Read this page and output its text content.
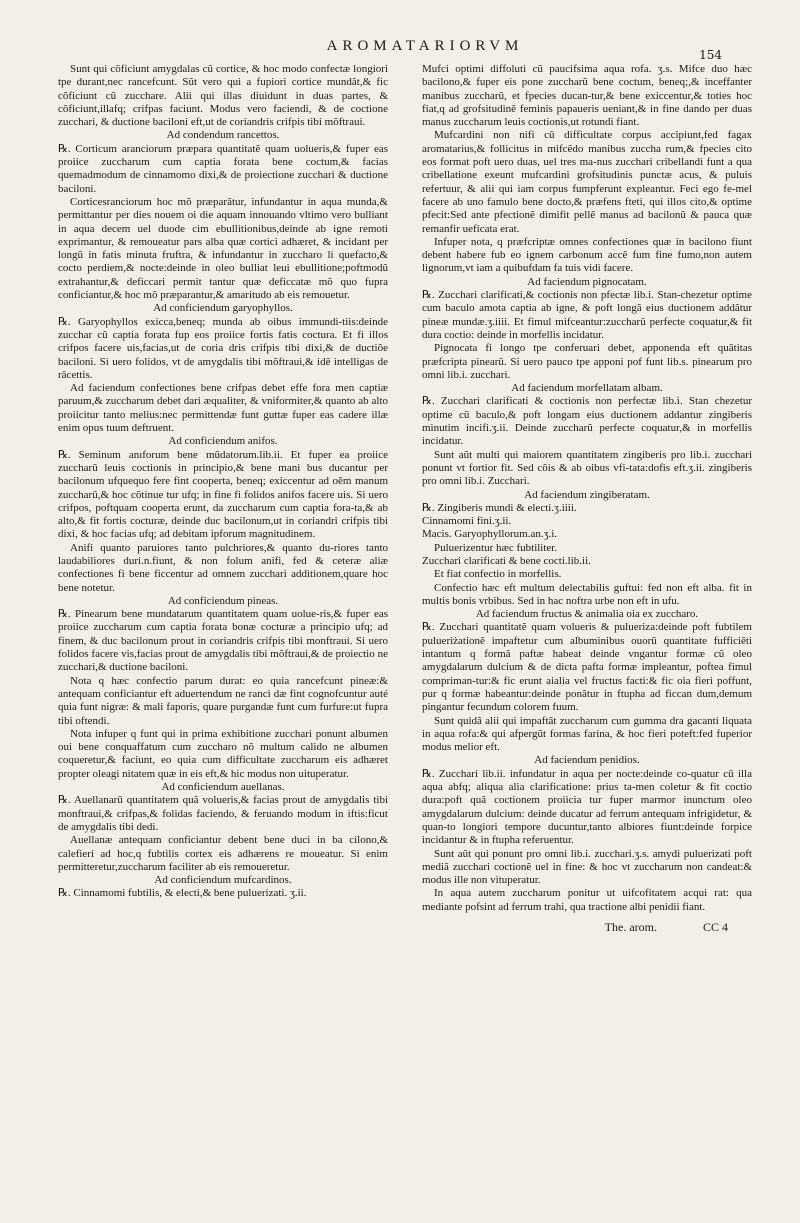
AROMATARIORVM
154

Sunt qui cõficiunt amygdalas cũ cortice, & hoc modo confectæ longiori tpe durant,nec rancefcunt. Sũt vero qui a fupiori cortice mundãt,& fic cõficiunt cũ zucchare. Alii qui illas diuidunt in duas partes, & cõficiunt,illafq; crifpas faciunt. Modus vero faciendi, & de coctione zucchari, & ductione baciloni eft,ut de coriandris crifpis tibi mõftraui.

Ad condendum rancettos.

℞. Corticum aranciorum præpara quantitatẽ quam uolueris,& fuper eas proiice zuccharum cum captia forata bene coctum,& facias quemadmodum de cinnamomo dixi,& de proiectione zucchari & ductione baciloni.

Corticesranciorum hoc mõ præparãtur, infundantur in aqua munda,& permittantur per dies nouem oi die aquam innouando vltimo vero bulliant in aqua decem uel duode cim ebullitionibus,deinde ab igne remoti exprimantur, & remoueatur pars alba quæ cortici adhæret, & incidant per longũ in fatis minuta fruftra, & infundantur in zuccharo li quefacto,& cocto perdiem,& nocte:deinde in oleo bulliat leui ebullitione;poftmodũ extrahantur,& deficcari permit tantur quæ deficcatæ mõ quo fupra conficiantur,& hoc mõ præparantur,& amaritudo ab eis remouetur.

Ad conficiendum garyophyllos.

℞. Garyophyllos exicca,beneq; munda ab oibus immundi-tiis:deinde zucchar cũ captia forata fup eos proiice fortis fatis coctura. Et fi illos crifpos facere uis,facias,ut de coria dris crifpis tibi dixi,& de ductiõe baciloni. Si uero folidos, vt de amygdalis tibi mõftraui,& idẽ intelligas de răcettis.

Ad faciendum confectiones bene crifpas debet effe fora men captiæ paruum,& zuccharum debet dari æqualiter, & vniformiter,& quanto ab alto proiicitur tanto melius:nec permittendæ funt guttæ fuper eas cadere illæ enim opus tuum deftruent.

Ad conficiendum anifos.

℞. Seminum anıforum bene mũdatorum.lib.ii. Et fuper ea proiice zuccharũ leuis coctionis in principio,& bene mani bus ducantur per bacilonum ufquequo fere fint cooperta, beneq; exiccentur ad oẽm manum zuccharũ,& hoc cõtinue tur ufq; in fine fi folidos anifos facere uis. Si uero crifpos, poftquam cooperta erunt, da zuccharum cum captia fora-ta,& ab alto,& fit fortis cocturæ, deinde duc bacilonum,ut in coriandri crifpis tibi dixi, & hoc facias ufq; ad debitam ipforum magnitudinem.

Anifi quanto paruiores tanto pulchriores,& quanto du-riores tanto laudabiliores duri.n.fiunt, & non folum anifi, fed & ceteræ aliæ confectiones fi bene ficcentur ad omnem zucchari additionem,quare hoc bene notetur.

Ad conficiendum pineas.

℞. Pinearum bene mundatarum quantitatem quam uolue-ris,& fuper eas proiice zuccharum cum captia forata bonæ cocturæ a principio ufq; ad finem, & duc bacilonum prout in coriandris crifpis tibi monftraui. Si uero folidos facere vis,facias prout de amygdalis tibi mõftraui,& de proiectio ne zucchari,& ductione baciloni.

Nota q hæc confectio parum durat: eo quia rancefcunt pineæ:& antequam conficiantur eft aduertendum ne ranci dæ fint cognofcuntur auté quia funt nigræ: & mali faporis, quare purgandæ funt cum furfure:ut fupra tibi oftendi.

Nota infuper q funt qui in prima exhibitione zucchari ponunt albumen oui bene conquaffatum cum zuccharo nõ multum calido ne albumen coqueretur,& faciunt, eo quia cum difficultate zuccharum eis adhæret propter oleagi nitatem quæ in eis eft,& hic modus non uituperatur.

Ad conficiendum auellanas.

℞. Auellanarũ quantitatem quã volueris,& facias prout de amygdalis tibi monftraui,& crifpas,& folidas faciendo, & feruando modum in iftis:ficut de amygdalis tibi dedi.

Auellanæ antequam conficiantur debent bene duci in ba cilono,& calefieri ad hoc,q fubtilis cortex eis adhærens re moueatur. Si enim permitteretur,zuccharum faciliter ab eis remoueretur.

Ad conficiendum mufcardinos.

℞. Cinnamomi fubtilis, & electi,& bene puluerizati. ʒ.ii.

Mufci optimi diffoluti cũ paucifsima aqua rofa. ʒ.s. Mifce duo hæc bacilono,& fuper eis pone zuccharũ bene coctum, beneq;,& inceffanter manibus zuccharũ, et fpecies ducan-tur,& bene exiccentur,& toties hoc fiat,q ad grofsitudinẽ feminis papaueris ueniant,& in fine dando per duas manus zuccharum leuis coctionis,ut rotundi fiant.

Mufcardini non nifi cũ difficultate corpus accipiunt,fed fagax aromatarius,& follicitus in mifcẽdo manibus zuccha rum,& fpecies cito eos format poft uero duas, uel tres ma-nus zucchari cribellandi funt a qua cribellatione exeunt mufcardini grofsitudinis punctæ acus, & puluis refertuur, & alii qui iam corpus fumpferunt expleantur. Feci ego fe-mel facere ab uno famulo bene docto,& præfens fteti, qui illos cito,& optime pfecit:Sed ante pfectionẽ dimifit pellẽ manus ad bacilonũ & pauca quæ remanfir ueficata erat.

Infuper nota, q præfcriptæ omnes confectiones quæ in bacilono fiunt debent habere fub eo ignem carbonum accẽ fum fine fumo,non autem lignorum,vt iam a quibufdam fa tuis vidi facere.

Ad faciendum pignocatam.

℞. Zucchari clarificati,& coctionis non pfectæ lib.i. Stan-chezetur optime cum baculo amota captia ab igne, & poft longã eius ductionem addãtur pineæ mundæ.ʒ.iiii. Et fimul mifceantur:zuccharũ perfecte coquatur,& fit dura coctio: deinde in morfellis incidatur.

Pignocata fi longo tpe conferuari debet, apponenda eft quãtitas præfcripta pinearũ. Si uero pauco tpe apponi pof funt lib.s. pinearum pro omni lib.i. zucchari.

Ad faciendum morfellatam albam.

℞. Zucchari clarificati & coctionis non perfectæ lib.i. Stan chezetur optime cũ baculo,& poft longam eius ductionem addantur zingiberis minutim incifi.ʒ.ii. Deinde zuccharũ perfecte coquatur,& in morfellis incidatur.

Sunt aũt multi qui maiorem quantitatem zingiberis pro lib.i. zucchari ponunt vt fortior fit. Sed cõis & ab oibus vfi-tata:dofis eft.ʒ.ii. zingiberis pro omni lib.i. Zucchari.

Ad faciendum zingiberatam.

℞. Zingiberis mundi & electi.ʒ.iiii.

Cinnamomi fini.ʒ.ii.

Macis. Garyophyllorum.an.ʒ.i.

Puluerizentur hæc fubtiliter.

Zucchari clarificati & bene cocti.lib.ii.

Et fiat confectio in morfellis.

Confectio hæc eft multum delectabilis guftui: fed non eft alba. fit in multis bonis vrbibus. Sed in hac noftra urbe non eft in ufu.

Ad faciendum fructus & animalia oia ex zuccharo.

℞. Zucchari quantitatẽ quam volueris & pulueriza:deinde poft fubtilem pulueriżationẽ impaftetur cum albuminibus ouorũ quantitate fufficiẽti intantum q formã paftæ habeat deinde vngantur formæ cũ oleo amygdalarum dulcium & de dicta pafta formæ impleantur, poftea fimul compriman-tur:& fic erunt aialia vel fructus facti:& fic oia fieri poffunt, pur q formæ habeantur:deinde ponãtur in ftupha ad ficcan dum,demum pingantur fecundum colorem fuum.

Sunt quidã alii qui impaftãt zuccharum cum gumma dra gacanti liquata in aqua rofa:& qui afpergũt formas farina, & hoc fieri poteft:fed fuperior modus melior eft.

Ad faciendum penidios.

℞. Zucchari lib.ii. infundatur in aqua per nocte:deinde co-quatur cũ illa aqua abfq; aliqua alia clarificatione: prius ta-men coletur & fit coctio dura:poft quã coctionem proiicia tur fuper marmor inunctum oleo amygdalarum dulcium: deinde ducatur ad ferrum antequam infrigidetur, & quan-to longiori tempore ducuntur,tanto albiores fiunt:deinde forpice incidantur & in ftupha referuentur.

Sunt aũt qui ponunt pro omni lib.i. zucchari.ʒ.s. amydi puluerizati poft mediã zucchari coctionẽ uel in fine: & hoc vt zuccharum non candeat:& modus ille non vituperatur.

In aqua autem zuccharum ponitur ut uifcofitatem acqui rat: qua mediante pofsint ad ferrum trahi, qua tractione albi penidii fiant.

The. arom.	CC 4
